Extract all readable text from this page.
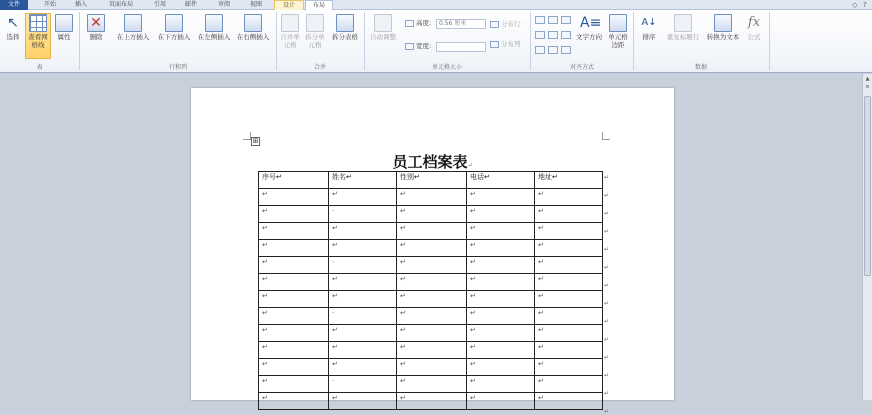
文件	开始	插入	页面布局	引用	邮件	审阅	视图	设计	布局	◇ ?
↖
选择	查看网格线
属性
表
✕
删除	在上方插入	在下方插入	在左侧插入	在右侧插入
行和列
合并单元格
拆分单元格
拆分表格
合并
自动调整
高度:	0.56 厘米
宽度:
分布行
分布列
单元格大小
A≡
文字方向 单元格边距
对齐方式
A↓
排序	重复标题行	转换为文本
fx
公式
数据
▲
≡
⊞
员工档案表↵
序号↵	姓名↵	性别↵	电话↵	地址↵
↵	↵	↵	↵	↵
↵	·	↵	↵	↵
↵	↵	↵	↵	↵
↵	↵	↵	↵	↵
↵	·	↵	↵	↵
↵	↵	↵	↵	↵
↵	↵	↵	↵	↵
↵	·	↵	↵	↵
↵	↵	↵	↵	↵
↵	↵	↵	↵	↵
↵	↵	↵	↵	↵
↵	·	↵	↵	↵
↵	↵	↵	↵	↵
↵
↵
↵
↵
↵
↵
↵
↵
↵
↵
↵
↵
↵
↵
